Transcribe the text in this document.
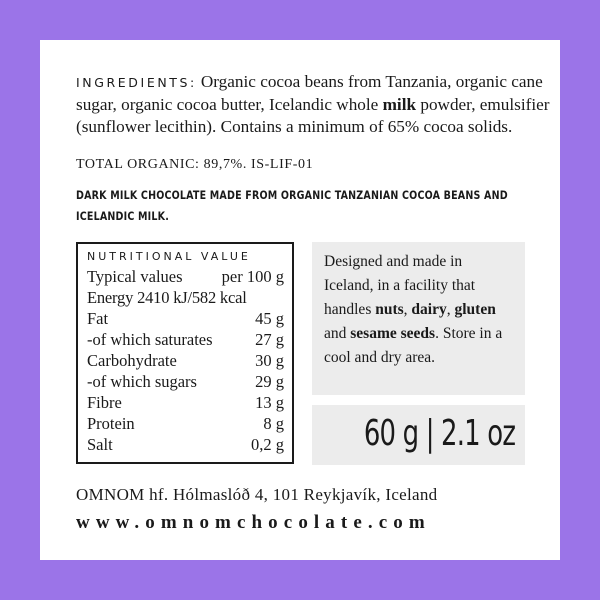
INGREDIENTS: Organic cocoa beans from Tanzania, organic cane sugar, organic cocoa butter, Icelandic whole milk powder, emulsifier (sunflower lecithin). Contains a minimum of 65% cocoa solids.
TOTAL ORGANIC: 89,7%. IS-LIF-01
DARK MILK CHOCOLATE MADE FROM ORGANIC TANZANIAN COCOA BEANS AND ICELANDIC MILK.
NUTRITIONAL VALUE
Typical values per 100 g
Energy 2410 kJ/582 kcal
Fat	45 g
-of which saturates	27 g
Carbohydrate	30 g
-of which sugars	29 g
Fibre	13 g
Protein	8 g
Salt	0,2 g
Designed and made in Iceland, in a facility that handles nuts, dairy, gluten and sesame seeds. Store in a cool and dry area.
60 g | 2.1 oz
OMNOM hf. Hólmaslóð 4, 101 Reykjavík, Iceland
www.omnomchocolate.com
